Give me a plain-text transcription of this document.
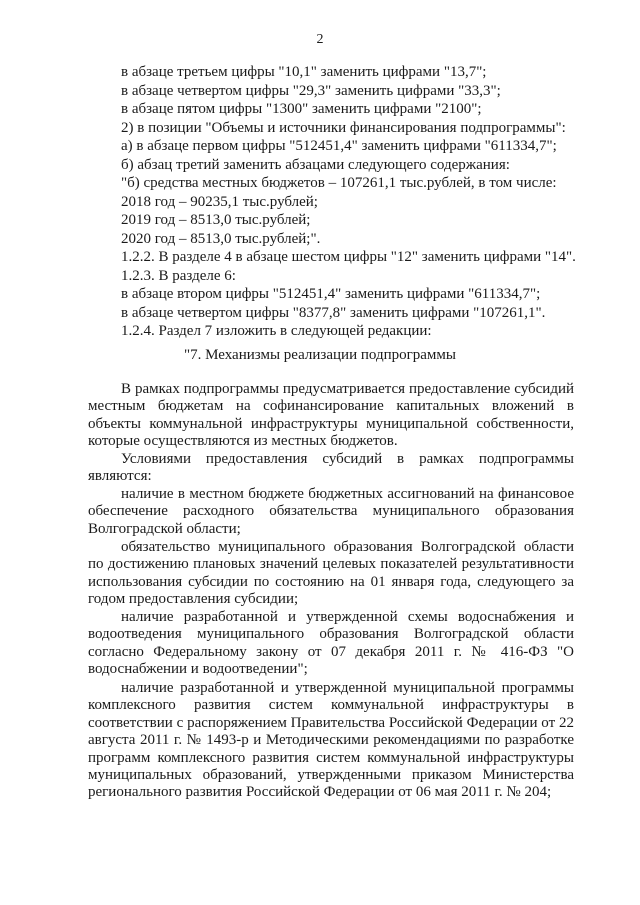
2
в абзаце третьем цифры "10,1" заменить цифрами "13,7";
в абзаце четвертом цифры "29,3" заменить цифрами "33,3";
в абзаце пятом цифры "1300" заменить цифрами "2100";
2) в позиции "Объемы и источники финансирования подпрограммы":
а) в абзаце первом цифры "512451,4" заменить цифрами "611334,7";
б) абзац третий заменить абзацами следующего содержания:
"б) средства местных бюджетов – 107261,1 тыс.рублей, в том числе:
2018 год – 90235,1 тыс.рублей;
2019 год – 8513,0 тыс.рублей;
2020 год – 8513,0 тыс.рублей;".
1.2.2. В разделе 4 в абзаце шестом цифры "12" заменить цифрами "14".
1.2.3. В разделе 6:
в абзаце втором цифры "512451,4" заменить цифрами "611334,7";
в абзаце четвертом цифры "8377,8" заменить цифрами "107261,1".
1.2.4. Раздел 7 изложить в следующей редакции:
"7. Механизмы реализации подпрограммы

В рамках подпрограммы предусматривается предоставление субсидий местным бюджетам на софинансирование капитальных вложений в объекты коммунальной инфраструктуры муниципальной собственности, которые осуществляются из местных бюджетов.

Условиями предоставления субсидий в рамках подпрограммы являются:

наличие в местном бюджете бюджетных ассигнований на финансовое обеспечение расходного обязательства муниципального образования Волгоградской области;

обязательство муниципального образования Волгоградской области по достижению плановых значений целевых показателей результативности использования субсидии по состоянию на 01 января года, следующего за годом предоставления субсидии;

наличие разработанной и утвержденной схемы водоснабжения и водоотведения муниципального образования Волгоградской области согласно Федеральному закону от 07 декабря 2011 г. № 416-ФЗ "О водоснабжении и водоотведении";

наличие разработанной и утвержденной муниципальной программы комплексного развития систем коммунальной инфраструктуры в соответствии с распоряжением Правительства Российской Федерации от 22 августа 2011 г. № 1493-р и Методическими рекомендациями по разработке программ комплексного развития систем коммунальной инфраструктуры муниципальных образований, утвержденными приказом Министерства регионального развития Российской Федерации от 06 мая 2011 г. № 204;
